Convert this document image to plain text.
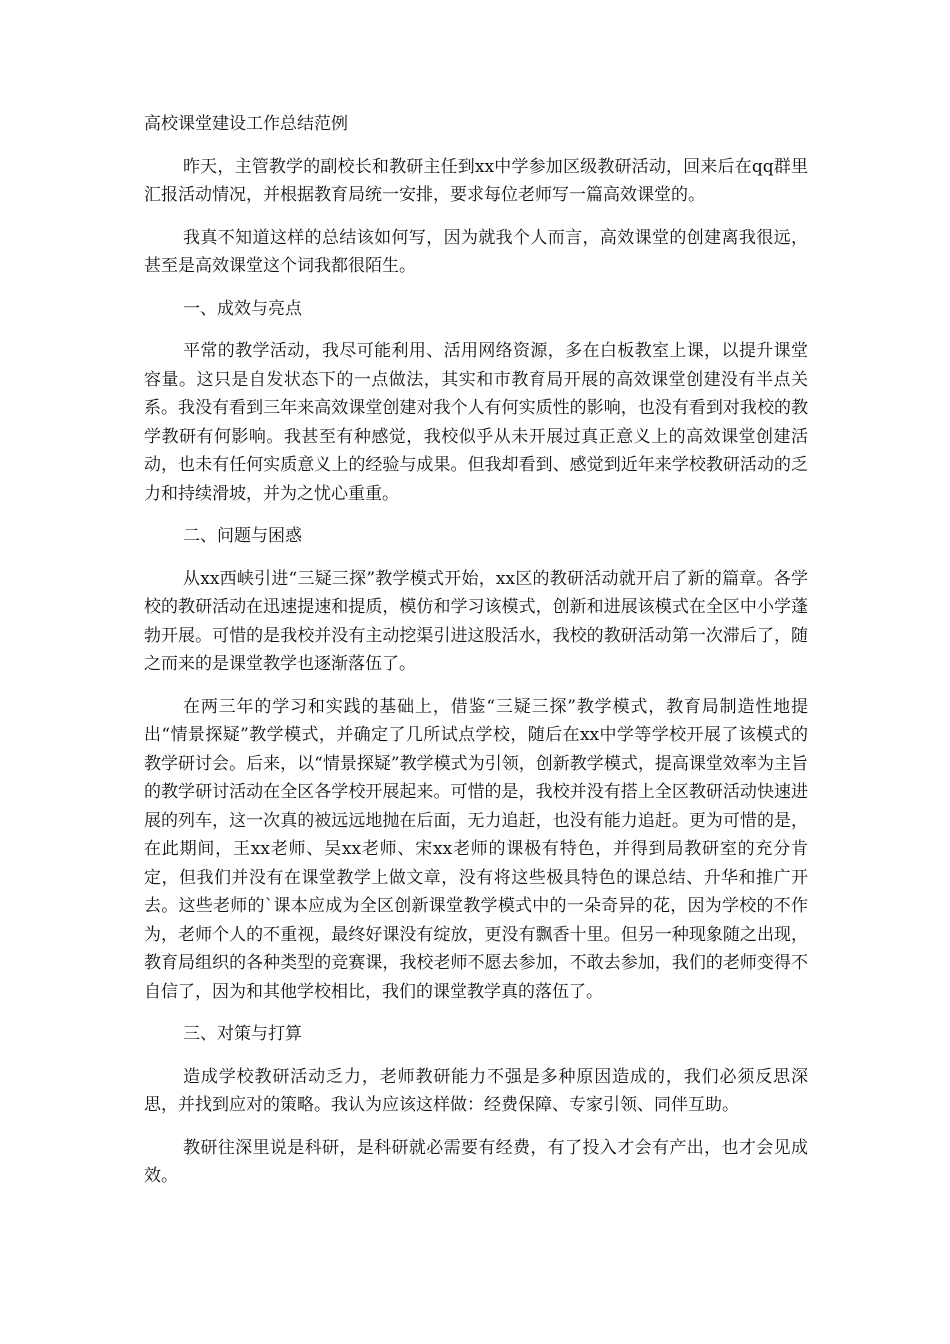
高校课堂建设工作总结范例

昨天，主管教学的副校长和教研主任到xx中学参加区级教研活动，回来后在qq群里汇报活动情况，并根据教育局统一安排，要求每位老师写一篇高效课堂的。

我真不知道这样的总结该如何写，因为就我个人而言，高效课堂的创建离我很远，甚至是高效课堂这个词我都很陌生。

一、成效与亮点

平常的教学活动，我尽可能利用、活用网络资源，多在白板教室上课，以提升课堂容量。这只是自发状态下的一点做法，其实和市教育局开展的高效课堂创建没有半点关系。我没有看到三年来高效课堂创建对我个人有何实质性的影响，也没有看到对我校的教学教研有何影响。我甚至有种感觉，我校似乎从未开展过真正意义上的高效课堂创建活动，也未有任何实质意义上的经验与成果。但我却看到、感觉到近年来学校教研活动的乏力和持续滑坡，并为之忧心重重。

二、问题与困惑

从xx西峡引进“三疑三探”教学模式开始，xx区的教研活动就开启了新的篇章。各学校的教研活动在迅速提速和提质，模仿和学习该模式，创新和进展该模式在全区中小学蓬勃开展。可惜的是我校并没有主动挖渠引进这股活水，我校的教研活动第一次滞后了，随之而来的是课堂教学也逐渐落伍了。

在两三年的学习和实践的基础上，借鉴“三疑三探”教学模式，教育局制造性地提出“情景探疑”教学模式，并确定了几所试点学校，随后在xx中学等学校开展了该模式的教学研讨会。后来，以“情景探疑”教学模式为引领，创新教学模式，提高课堂效率为主旨的教学研讨活动在全区各学校开展起来。可惜的是，我校并没有搭上全区教研活动快速进展的列车，这一次真的被远远地抛在后面，无力追赶，也没有能力追赶。更为可惜的是，在此期间，王xx老师、吴xx老师、宋xx老师的课极有特色，并得到局教研室的充分肯定，但我们并没有在课堂教学上做文章，没有将这些极具特色的课总结、升华和推广开去。这些老师的`课本应成为全区创新课堂教学模式中的一朵奇异的花，因为学校的不作为，老师个人的不重视，最终好课没有绽放，更没有飘香十里。但另一种现象随之出现，教育局组织的各种类型的竞赛课，我校老师不愿去参加，不敢去参加，我们的老师变得不自信了，因为和其他学校相比，我们的课堂教学真的落伍了。

三、对策与打算

造成学校教研活动乏力，老师教研能力不强是多种原因造成的，我们必须反思深思，并找到应对的策略。我认为应该这样做：经费保障、专家引领、同伴互助。

教研往深里说是科研，是科研就必需要有经费，有了投入才会有产出，也才会见成效。
